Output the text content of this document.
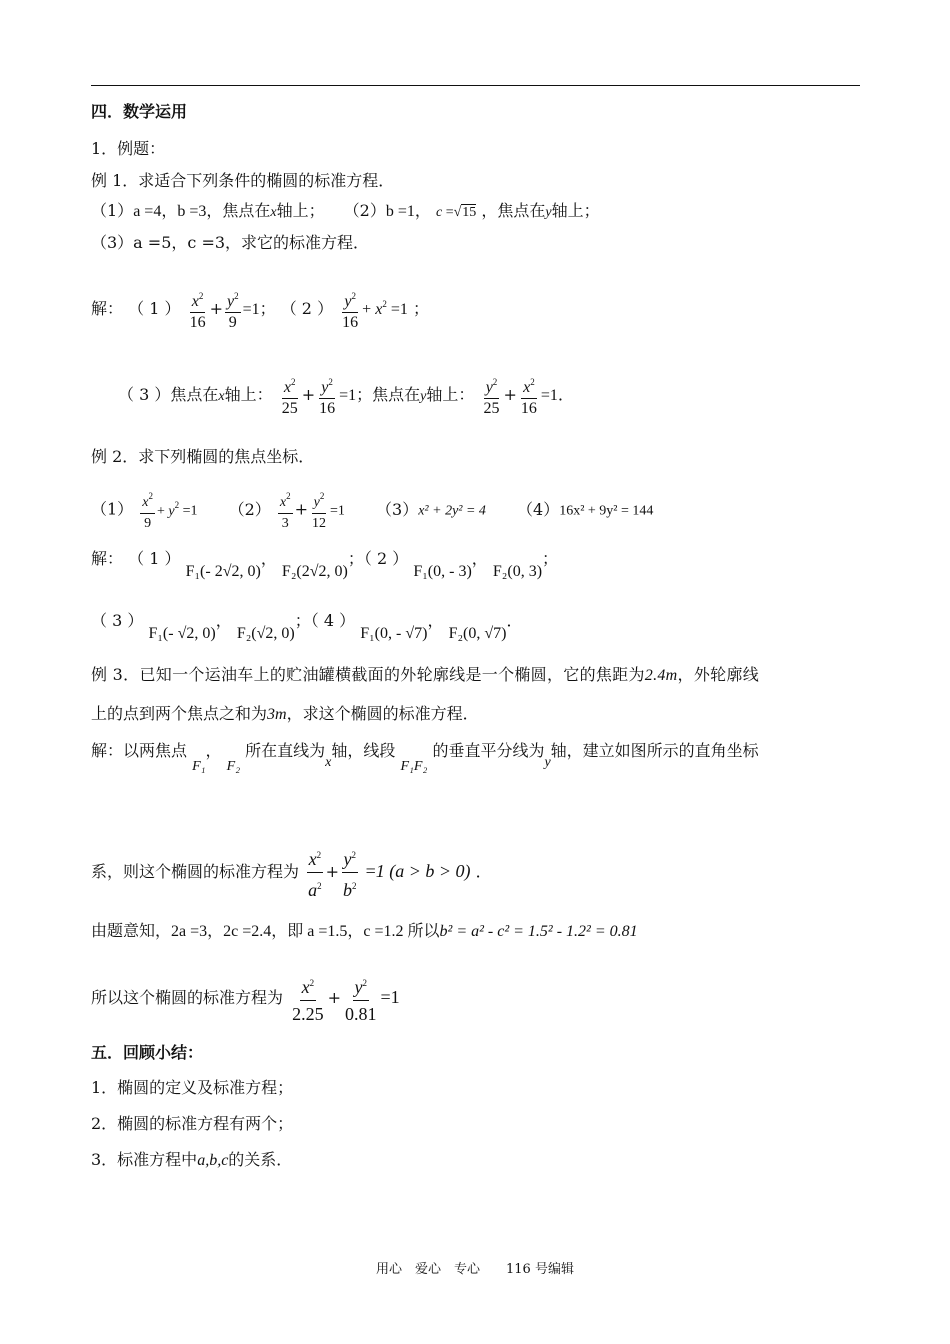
四．数学运用
1．例题：
例 1．求适合下列条件的椭圆的标准方程．
（1）a =4，b =3，焦点在x轴上； （2）b =1， c =√15 ，焦点在y轴上；
（3）a =5，c =3，求它的标准方程．
解： （ 1 ） $\frac{x^2}{16} + \frac{y^2}{9} =1$； （ 2 ） $\frac{y^2}{16} + x^2 =1$ ；
（ 3 ）焦点在x轴上： $\frac{x^2}{25} + \frac{y^2}{16} =1$；焦点在y轴上： $\frac{y^2}{25} + \frac{x^2}{16} =1$．
例 2．求下列椭圆的焦点坐标．
$(1) \frac{x^2}{9} + y^2 =1$ $(2) \frac{x^2}{3} + \frac{y^2}{12} =1$ （3）x² + 2y² = 4 （4）16x² + 9y² = 144
解： （ 1 ） F₁(- 2√2, 0)， F₂(2√2, 0)；（ 2 ） F₁(0, - 3)， F₂(0, 3)；
（ 3 ） F₁(- √2, 0)， F₂(√2, 0)；（ 4 ） F₁(0, - √7)， F₂(0, √7)．
例 3．已知一个运油车上的贮油罐横截面的外轮廓线是一个椭圆，它的焦距为2.4m，外轮廓线
上的点到两个焦点之和为3m，求这个椭圆的标准方程．
解：以两焦点 F₁， F₂ 所在直线为x轴，线段 F₁F₂ 的垂直平分线为y轴，建立如图所示的直角坐标
系，则这个椭圆的标准方程为 $\frac{x^2}{a^2} + \frac{y^2}{b^2} =1$ (a > b > 0) ．
由题意知，2a =3，2c =2.4，即 a =1.5，c =1.2 所以b² = a² - c² = 1.5² - 1.2² = 0.81
所以这个椭圆的标准方程为 $\frac{x^2}{2.25} + \frac{y^2}{0.81} =1$
五．回顾小结：
1．椭圆的定义及标准方程；
2．椭圆的标准方程有两个；
3．标准方程中a,b,c的关系．
用心　爱心　专心　　116 号编辑
